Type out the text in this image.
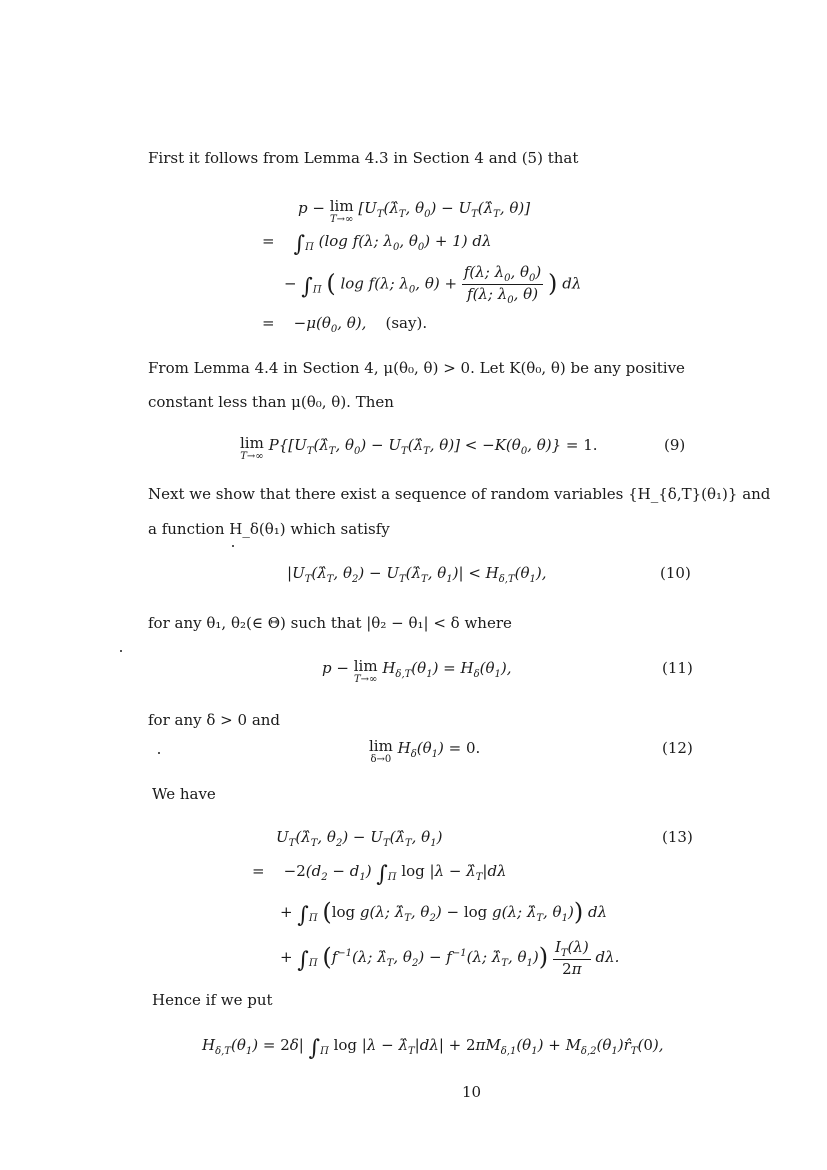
First it follows from Lemma 4.3 in Section 4 and (5) that
p − lim
T→∞
[$U_T(\lambdâ_T$, $\theta_0$) − $U_T(\lambdâ_T$, θ)]
= $\int_\Pi$ (log f(λ; $\lambda_0$, $\theta_0) + 1$) dλ
− $\int_\Pi$ ( log f(λ; $\lambda_0$, $\theta) + \frac{f(\lambda; \lambda_0, \theta_0)}{f(\lambda; \lambda_0, \theta)}$ ) dλ
=    $-\mu(\theta_0$, θ),    (say).
From Lemma 4.4 in Section 4, μ(θ₀, θ) > 0. Let K(θ₀, θ) be any positive
constant less than μ(θ₀, θ). Then
lim
T→∞
$P\{[U_T(\lambdâ_T$, $\theta_0$) − $U_T(\lambdâ_T$, $\theta)] < -K(\theta_0$, θ)} = 1.	(9)
Next we show that there exist a sequence of random variables {H_{δ,T}(θ₁)} and
a function H_δ(θ₁) which satisfy
$|U_T(\lambdâ_T$, $\theta_2$) − $U_T(\lambdâ_T$, $\theta_1)| < H_{\delta,T}(\theta_1)$,	(10)
for any θ₁, θ₂(∈ Θ) such that |θ₂ − θ₁| < δ where
p − lim
T→∞
$H_{\delta,T}(\theta_1) = H_\delta(\theta_1)$,	(11)
for any δ > 0 and
lim
δ→0
$H_\delta(\theta_1) = 0$.	(12)
We have
$U_T(\lambdâ_T$, $\theta_2$) − $U_T(\lambdâ_T$, $\theta_1$)	(13)
=    $-2(d_2 - d_1)$ $\int_\Pi$ $\log |\lambda - \lambdâ_T|d\lambda$
+ $\int_\Pi$ (log g(λ; $\lambdâ_T$, $\theta_2) - \log g(\lambda$; $\lambdâ_T$, $\theta_1$)) dλ
+ $\int_\Pi$ ($f^{-1}(\lambda$; $\lambdâ_T$, $\theta_2) - f^{-1}(\lambda$; $\lambdâ_T$, $\theta_1)) \frac{I_T(\lambda)}{2\pi} d\lambda$.
Hence if we put
$H_{\delta,T}(\theta_1) = 2\delta|$ $\int_\Pi$ $\log |\lambda - \lambdâ_T|d\lambda| + 2\pi M_{\delta,1}(\theta_1)$ + $M_{\delta,2}(\theta_1)r̂_T(0)$,
10
